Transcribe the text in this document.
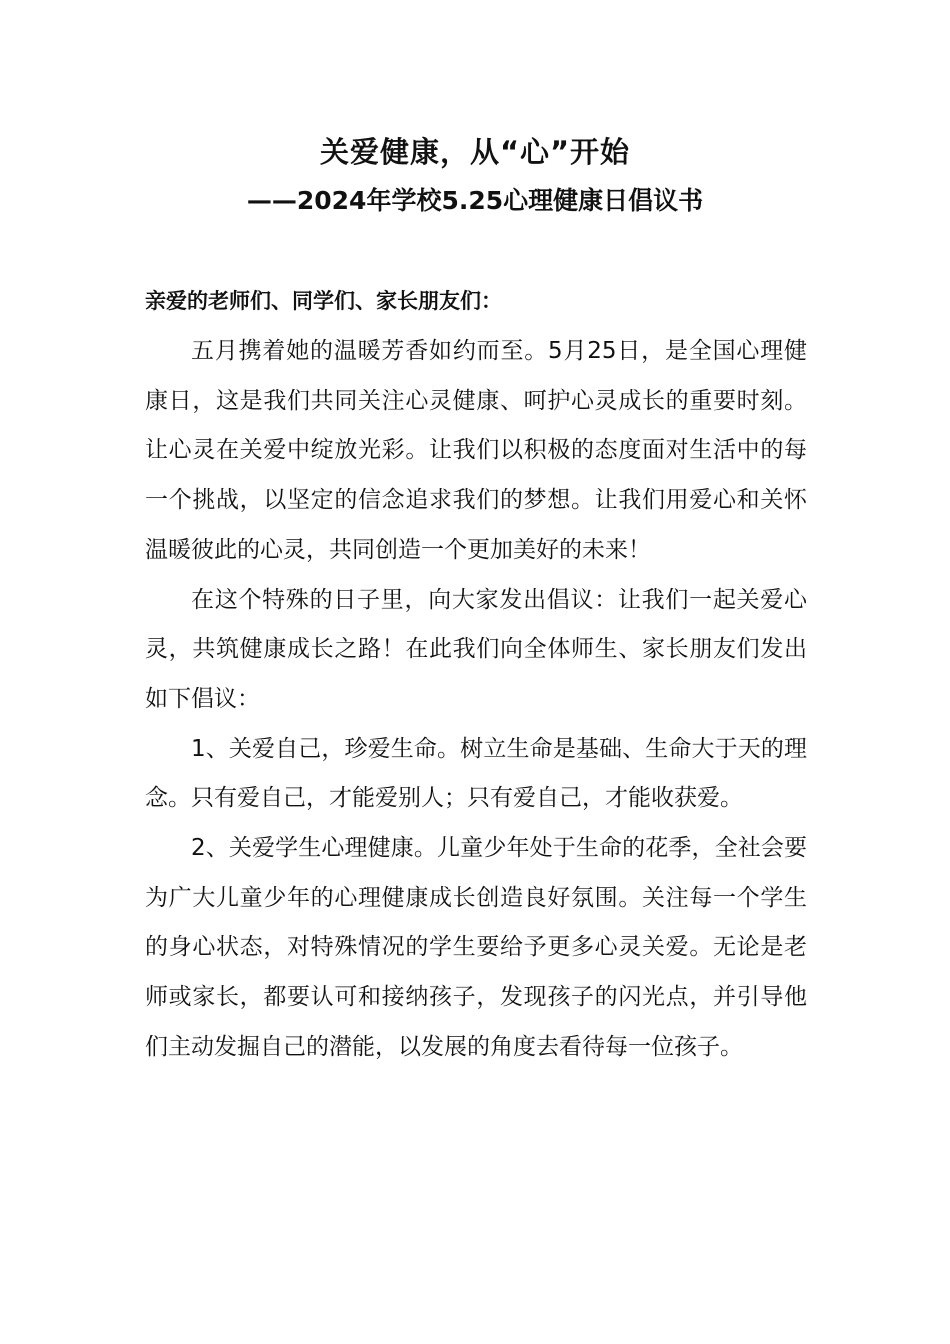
关爱健康，从“心”开始
——2024年学校5.25心理健康日倡议书
亲爱的老师们、同学们、家长朋友们：

五月携着她的温暖芳香如约而至。5月25日，是全国心理健康日，这是我们共同关注心灵健康、呵护心灵成长的重要时刻。让心灵在关爱中绽放光彩。让我们以积极的态度面对生活中的每一个挑战，以坚定的信念追求我们的梦想。让我们用爱心和关怀温暖彼此的心灵，共同创造一个更加美好的未来！

在这个特殊的日子里，向大家发出倡议：让我们一起关爱心灵，共筑健康成长之路！在此我们向全体师生、家长朋友们发出如下倡议：

1、关爱自己，珍爱生命。树立生命是基础、生命大于天的理念。只有爱自己，才能爱别人；只有爱自己，才能收获爱。

2、关爱学生心理健康。儿童少年处于生命的花季，全社会要为广大儿童少年的心理健康成长创造良好氛围。关注每一个学生的身心状态，对特殊情况的学生要给予更多心灵关爱。无论是老师或家长，都要认可和接纳孩子，发现孩子的闪光点，并引导他们主动发掘自己的潜能，以发展的角度去看待每一位孩子。
